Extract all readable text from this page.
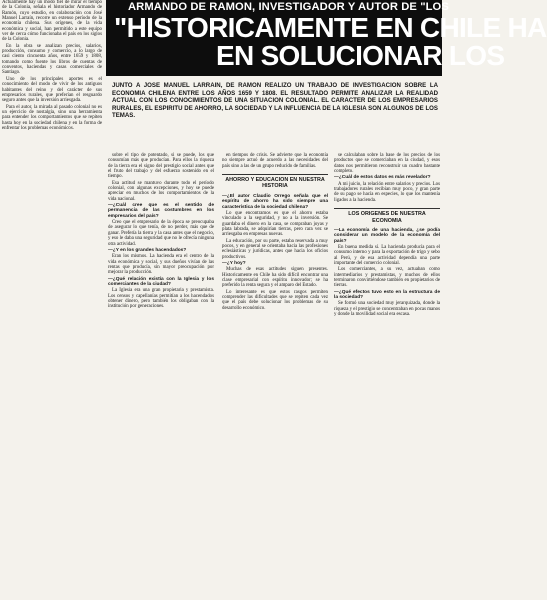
Actualmente hay un modo fiel de mirar el tiempo de la Colonia, señala el historiador Armando de Ramón, cuyo estudio, en colaboración con José Manuel Larraín, recorre un extenso período de la economía chilena. Sus orígenes, de la vida económica y social, han permitido a este equipo ver de cerca cómo funcionaba el país en los siglos de la Colonia.

En la obra se analizan precios, salarios, producción, consumo y comercio, a lo largo de casi ciento cincuenta años, entre 1659 y 1808, tomando como fuente los libros de cuentas de conventos, haciendas y casas comerciales de Santiago.

Uno de los principales aportes es el conocimiento del modo de vivir de los antiguos habitantes del reino y del carácter de sus empresarios rurales, que preferían el resguardo seguro antes que la inversión arriesgada.

Para el autor, la mirada al pasado colonial no es un ejercicio de nostalgia, sino una herramienta para entender los comportamientos que se repiten hasta hoy en la sociedad chilena y en la forma de enfrentar los problemas económicos.

ARMANDO DE RAMON, INVESTIGADOR Y AUTOR DE "LOS
"HISTORICAMENTE EN CHILE HA
EN SOLUCIONAR LOS

JUNTO A JOSE MANUEL LARRAIN, DE RAMON REALIZO UN TRABAJO DE INVESTIGACION SOBRE LA ECONOMIA CHILENA ENTRE LOS AÑOS 1659 Y 1808. EL RESULTADO PERMITE ANALIZAR LA REALIDAD ACTUAL CON LOS CONOCIMIENTOS DE UNA SITUACION COLONIAL. EL CARACTER DE LOS EMPRESARIOS RURALES, EL ESPIRITU DE AHORRO, LA SOCIEDAD Y LA INFLUENCIA DE LA IGLESIA SON ALGUNOS DE LOS TEMAS.

sobre el tipo de potentado, si se puede, los que consumían más que producían. Para ellos la riqueza de la tierra era el signo del prestigio social antes que el fruto del trabajo y del esfuerzo sostenido en el tiempo.

Esa actitud se mantuvo durante todo el período colonial, con algunas excepciones, y hoy se puede apreciar en muchos de los comportamientos de la vida nacional.

—¿Cuál cree que es el sentido de permanencia de las costumbres en los empresarios del país?

Creo que el empresario de la época se preocupaba de asegurar lo que tenía, de no perder, más que de ganar. Prefería la tierra y la casa antes que el negocio, y eso le daba una seguridad que no le ofrecía ninguna otra actividad.

—¿Y en los grandes hacendados?

Eran los mismos. La hacienda era el centro de la vida económica y social, y sus dueños vivían de las rentas que producía, sin mayor preocupación por mejorar la producción.

—¿Qué relación existía con la Iglesia y los comerciantes de la ciudad?

La Iglesia era una gran propietaria y prestamista. Los censos y capellanías permitían a los hacendados obtener dinero, pero también los obligaban con la institución por generaciones.

en tiempos de crisis. Se advierte que la economía no siempre actuó de acuerdo a las necesidades del país sino a las de un grupo reducido de familias.

AHORRO Y EDUCACION EN NUESTRA HISTORIA

—¿El autor Claudio Orrego señala que el espíritu de ahorro ha sido siempre una característica de la sociedad chilena?

Lo que encontramos es que el ahorro estaba vinculado a la seguridad, y no a la inversión. Se guardaba el dinero en la casa, se compraban joyas y plata labrada, se adquirían tierras, pero rara vez se arriesgaba en empresas nuevas.

La educación, por su parte, estaba reservada a muy pocos, y en general se orientaba hacia las profesiones eclesiásticas y jurídicas, antes que hacia los oficios productivos.

—¿Y hoy?

Muchas de esas actitudes siguen presentes. Historicamente en Chile ha sido difícil encontrar una clase empresarial con espíritu innovador; se ha preferido la renta segura y el amparo del Estado.

Lo interesante es que estos rasgos permiten comprender las dificultades que se repiten cada vez que el país debe solucionar los problemas de su desarrollo económico.

se calculaban sobre la base de los precios de los productos que se comerciaban en la ciudad, y esos datos nos permitieron reconstruir un cuadro bastante completo.

—¿Cuál de estos datos es más revelador?

A mi juicio, la relación entre salarios y precios. Los trabajadores rurales recibían muy poco, y gran parte de su pago se hacía en especies, lo que los mantenía ligados a la hacienda.

LOS ORIGENES DE NUESTRA ECONOMIA

—La economía de una hacienda, ¿se podía considerar un modelo de la economía del país?

En buena medida sí. La hacienda producía para el consumo interno y para la exportación de trigo y sebo al Perú, y de esa actividad dependía una parte importante del comercio colonial.

Los comerciantes, a su vez, actuaban como intermediarios y prestamistas, y muchos de ellos terminaron convirtiéndose también en propietarios de tierras.

—¿Qué efectos tuvo esto en la estructura de la sociedad?

Se formó una sociedad muy jerarquizada, donde la riqueza y el prestigio se concentraban en pocas manos y donde la movilidad social era escasa.
